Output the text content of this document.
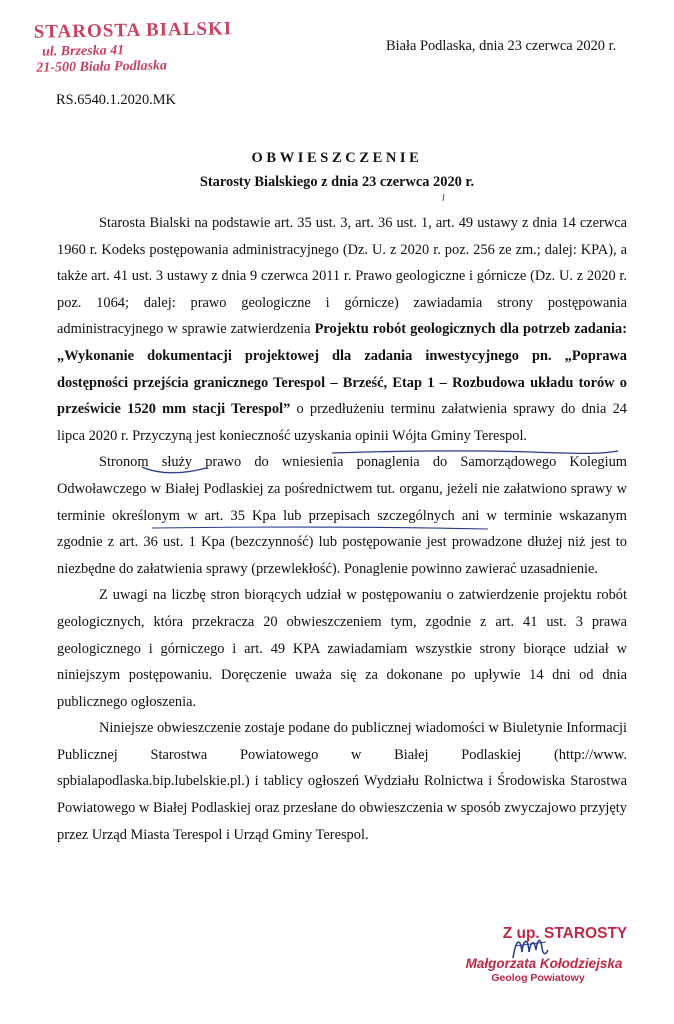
STAROSTA BIALSKI
ul. Brzeska 41
21-500 Biała Podlaska
Biała Podlaska, dnia 23 czerwca 2020 r.
RS.6540.1.2020.MK
OBWIESZCZENIE
Starosty Bialskiego z dnia 23 czerwca 2020 r.

Starosta Bialski na podstawie art. 35 ust. 3, art. 36 ust. 1, art. 49 ustawy z dnia 14 czerwca 1960 r. Kodeks postępowania administracyjnego (Dz. U. z 2020 r. poz. 256 ze zm.; dalej: KPA), a także art. 41 ust. 3 ustawy z dnia 9 czerwca 2011 r. Prawo geologiczne i górnicze (Dz. U. z 2020 r. poz. 1064; dalej: prawo geologiczne i górnicze) zawiadamia strony postępowania administracyjnego w sprawie zatwierdzenia Projektu robót geologicznych dla potrzeb zadania: „Wykonanie dokumentacji projektowej dla zadania inwestycyjnego pn. „Poprawa dostępności przejścia granicznego Terespol – Brześć, Etap 1 – Rozbudowa układu torów o prześwicie 1520 mm stacji Terespol” o przedłużeniu terminu załatwienia sprawy do dnia 24 lipca 2020 r. Przyczyną jest konieczność uzyskania opinii Wójta Gminy Terespol.

Stronom służy prawo do wniesienia ponaglenia do Samorządowego Kolegium Odwoławczego w Białej Podlaskiej za pośrednictwem tut. organu, jeżeli nie załatwiono sprawy w terminie określonym w art. 35 Kpa lub przepisach szczególnych ani w terminie wskazanym zgodnie z art. 36 ust. 1 Kpa (bezczynność) lub postępowanie jest prowadzone dłużej niż jest to niezbędne do załatwienia sprawy (przewlekłość). Ponaglenie powinno zawierać uzasadnienie.

Z uwagi na liczbę stron biorących udział w postępowaniu o zatwierdzenie projektu robót geologicznych, która przekracza 20 obwieszczeniem tym, zgodnie z art. 41 ust. 3 prawa geologicznego i górniczego i art. 49 KPA zawiadamiam wszystkie strony biorące udział w niniejszym postępowaniu. Doręczenie uważa się za dokonane po upływie 14 dni od dnia publicznego ogłoszenia.

Niniejsze obwieszczenie zostaje podane do publicznej wiadomości w Biuletynie Informacji Publicznej Starostwa Powiatowego w Białej Podlaskiej (http://www. spbialapodlaska.bip.lubelskie.pl.) i tablicy ogłoszeń Wydziału Rolnictwa i Środowiska Starostwa Powiatowego w Białej Podlaskiej oraz przesłane do obwieszczenia w sposób zwyczajowo przyjęty przez Urząd Miasta Terespol i Urząd Gminy Terespol.

Z up. STAROSTY
Małgorzata Kołodziejska
Geolog Powiatowy
